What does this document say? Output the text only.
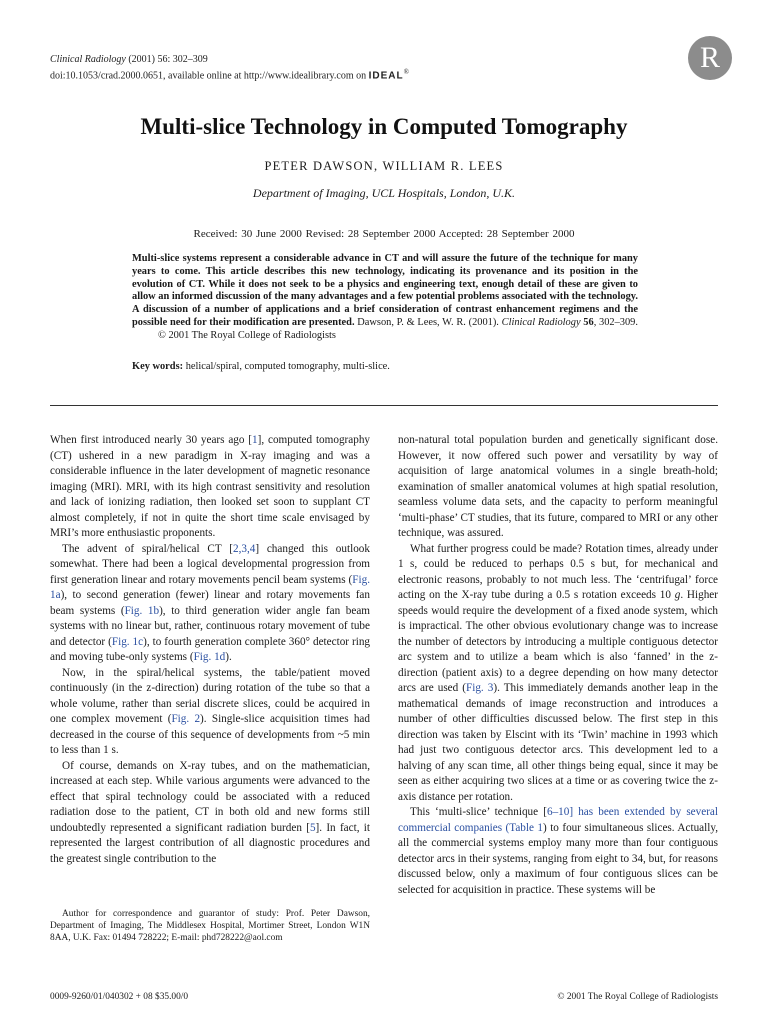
Clinical Radiology (2001) 56: 302–309
doi:10.1053/crad.2000.0651, available online at http://www.idealibrary.com on IDEAL®	R
Multi-slice Technology in Computed Tomography
PETER DAWSON, WILLIAM R. LEES
Department of Imaging, UCL Hospitals, London, U.K.
Received: 30 June 2000 Revised: 28 September 2000 Accepted: 28 September 2000
Multi-slice systems represent a considerable advance in CT and will assure the future of the technique for many years to come. This article describes this new technology, indicating its provenance and its position in the evolution of CT. While it does not seek to be a physics and engineering text, enough detail of these are given to allow an informed discussion of the many advantages and a few potential problems associated with the technology. A discussion of a number of applications and a brief consideration of contrast enhancement regimens and the possible need for their modification are presented. Dawson, P. & Lees, W. R. (2001). Clinical Radiology 56, 302–309. © 2001 The Royal College of Radiologists
Key words: helical/spiral, computed tomography, multi-slice.

When first introduced nearly 30 years ago [1], computed tomography (CT) ushered in a new paradigm in X-ray imaging and was a considerable influence in the later development of magnetic resonance imaging (MRI). MRI, with its high contrast sensitivity and resolution and lack of ionizing radiation, then looked set soon to supplant CT almost completely, if not in quite the short time scale envisaged by MRI’s more enthusiastic proponents.

The advent of spiral/helical CT [2,3,4] changed this outlook somewhat. There had been a logical developmental progression from first generation linear and rotary movements pencil beam systems (Fig. 1a), to second generation (fewer) linear and rotary movements fan beam systems (Fig. 1b), to third generation wider angle fan beam systems with no linear but, rather, continuous rotary movement of tube and detector (Fig. 1c), to fourth generation complete 360° detector ring and moving tube-only systems (Fig. 1d).

Now, in the spiral/helical systems, the table/patient moved continuously (in the z-direction) during rotation of the tube so that a whole volume, rather than serial discrete slices, could be acquired in one complex movement (Fig. 2). Single-slice acquisition times had decreased in the course of this sequence of developments from ~5 min to less than 1 s.

Of course, demands on X-ray tubes, and on the mathematician, increased at each step. While various arguments were advanced to the effect that spiral technology could be associated with a reduced radiation dose to the patient, CT in both old and new forms still undoubtedly represented a significant radiation burden [5]. In fact, it represented the largest contribution of all diagnostic procedures and the greatest single contribution to the

non-natural total population burden and genetically significant dose. However, it now offered such power and versatility by way of acquisition of large anatomical volumes in a single breath-hold; examination of smaller anatomical volumes at high spatial resolution, seamless volume data sets, and the capacity to perform meaningful ‘multi-phase’ CT studies, that its future, compared to MRI or any other technique, was assured.

What further progress could be made? Rotation times, already under 1 s, could be reduced to perhaps 0.5 s but, for mechanical and electronic reasons, probably to not much less. The ‘centrifugal’ force acting on the X-ray tube during a 0.5 s rotation exceeds 10 g. Higher speeds would require the development of a fixed anode system, which is impractical. The other obvious evolutionary change was to increase the number of detectors by introducing a multiple contiguous detector arc system and to utilize a beam which is also ‘fanned’ in the z-direction (patient axis) to a degree depending on how many detector arcs are used (Fig. 3). This immediately demands another leap in the mathematical demands of image reconstruction and introduces a number of other difficulties discussed below. The first step in this direction was taken by Elscint with its ‘Twin’ machine in 1993 which had just two contiguous detector arcs. This development led to a halving of any scan time, all other things being equal, since it may be seen as either acquiring two slices at a time or as covering twice the z-axis distance per rotation.

This ‘multi-slice’ technique [6–10] has been extended by several commercial companies (Table 1) to four simultaneous slices. Actually, all the commercial systems employ many more than four contiguous detector arcs in their systems, ranging from eight to 34, but, for reasons discussed below, only a maximum of four contiguous slices can be selected for acquisition in practice. These systems will be

Author for correspondence and guarantor of study: Prof. Peter Dawson, Department of Imaging, The Middlesex Hospital, Mortimer Street, London W1N 8AA, U.K. Fax: 01494 728222; E-mail: phd728222@aol.com
0009-9260/01/040302 + 08 $35.00/0	© 2001 The Royal College of Radiologists
